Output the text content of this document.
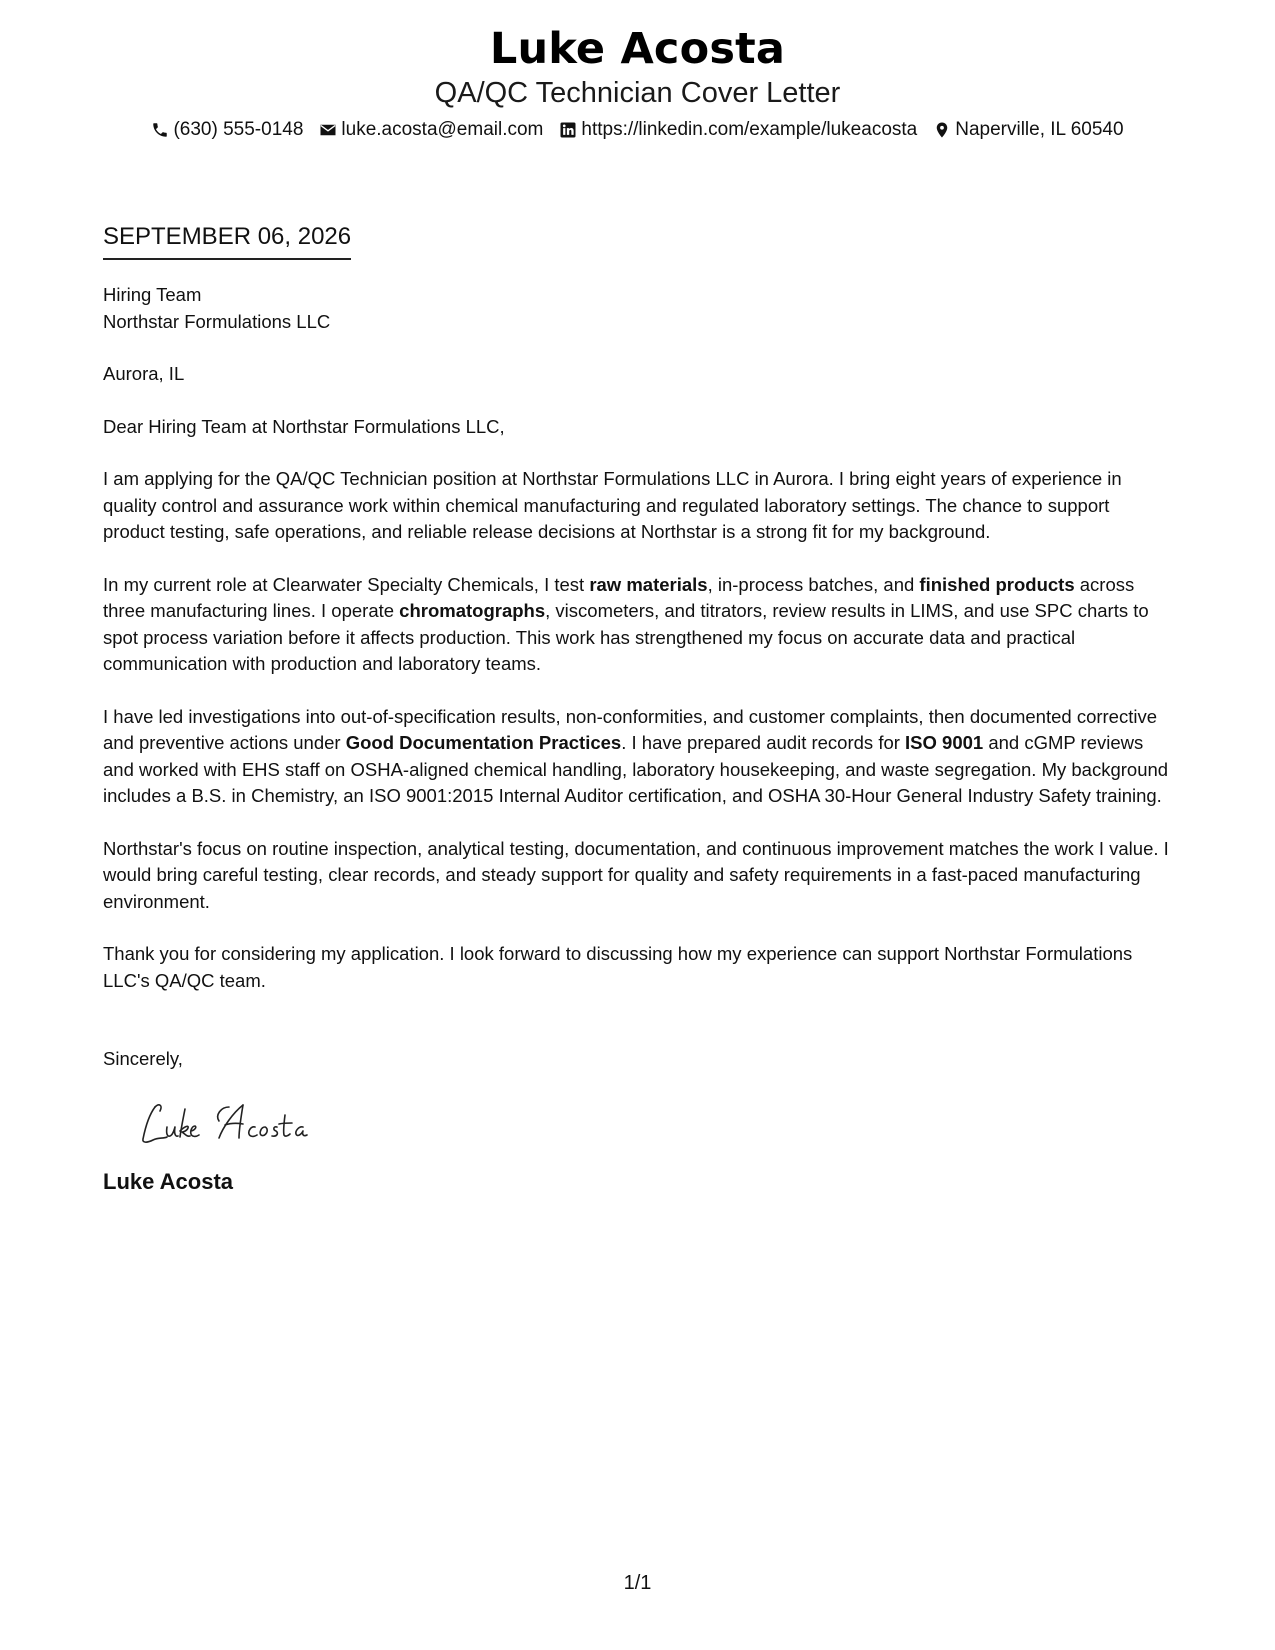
Luke Acosta
QA/QC Technician Cover Letter
(630) 555-0148 luke.acosta@email.com https://linkedin.com/example/lukeacosta Naperville, IL 60540
SEPTEMBER 06, 2026
Hiring Team
Northstar Formulations LLC
Aurora, IL
Dear Hiring Team at Northstar Formulations LLC,

I am applying for the QA/QC Technician position at Northstar Formulations LLC in Aurora. I bring eight years of experience in quality control and assurance work within chemical manufacturing and regulated laboratory settings. The chance to support product testing, safe operations, and reliable release decisions at Northstar is a strong fit for my background.

In my current role at Clearwater Specialty Chemicals, I test raw materials, in-process batches, and finished products across three manufacturing lines. I operate chromatographs, viscometers, and titrators, review results in LIMS, and use SPC charts to spot process variation before it affects production. This work has strengthened my focus on accurate data and practical communication with production and laboratory teams.

I have led investigations into out-of-specification results, non-conformities, and customer complaints, then documented corrective and preventive actions under Good Documentation Practices. I have prepared audit records for ISO 9001 and cGMP reviews and worked with EHS staff on OSHA-aligned chemical handling, laboratory housekeeping, and waste segregation. My background includes a B.S. in Chemistry, an ISO 9001:2015 Internal Auditor certification, and OSHA 30-Hour General Industry Safety training.

Northstar's focus on routine inspection, analytical testing, documentation, and continuous improvement matches the work I value. I would bring careful testing, clear records, and steady support for quality and safety requirements in a fast-paced manufacturing environment.

Thank you for considering my application. I look forward to discussing how my experience can support Northstar Formulations LLC's QA/QC team.

Sincerely,
Luke Acosta
1/1
